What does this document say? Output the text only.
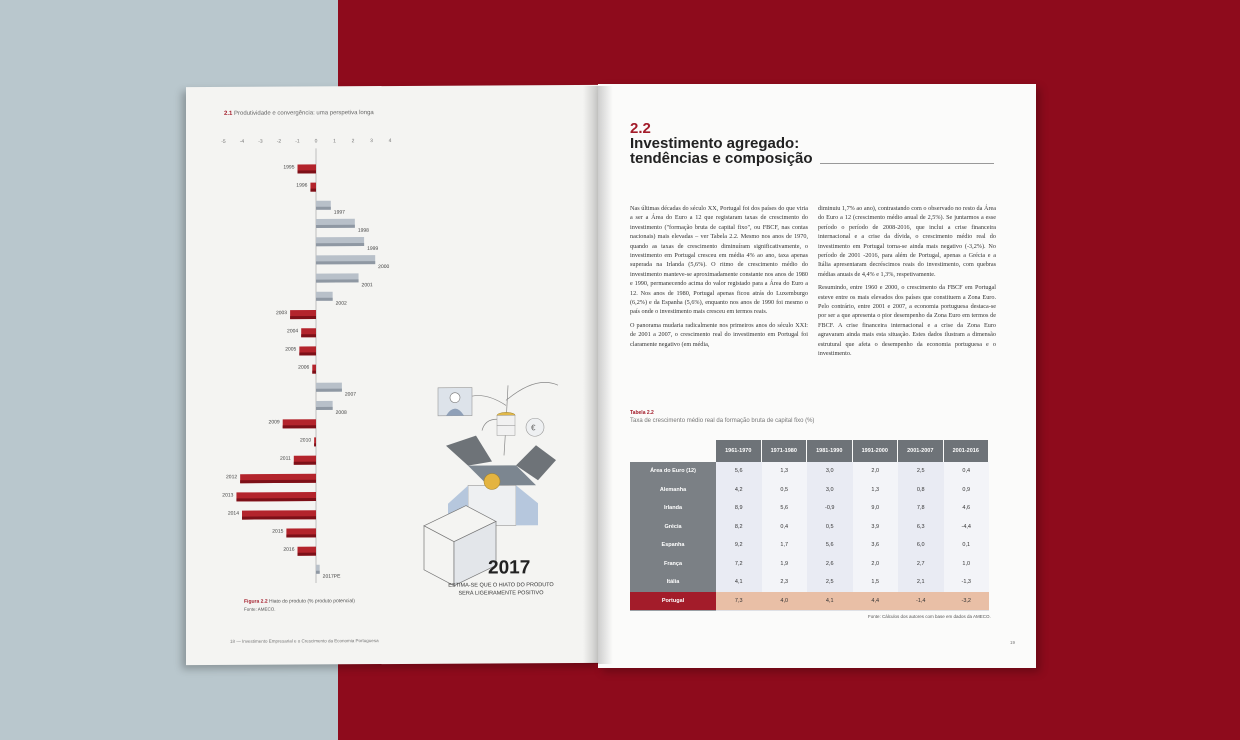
2.1 Produtividade e convergência: uma perspetiva longa
-5	-4	-3	-2	-1	0	1	2	3	4
1995
1996
1997
1998
1999
2000
2001
2002
2003
2004
2005
2006
2007
2008
2009
2010
2011
2012
2013
2014
2015
2016
2017PE
€
2017
ESTIMA-SE QUE O HIATO DO PRODUTO
SERÁ LIGEIRAMENTE POSITIVO
Figura 2.2 Hiato do produto (% produto potencial)
Fonte: AMECO.
18 — Investimento Empresarial e o Crescimento da Economia Portuguesa
2.2
Investimento agregado:
tendências e composição

Nas últimas décadas do século XX, Portugal foi dos países do que viria a ser a Área do Euro a 12 que registaram taxas de crescimento do investimento ("formação bruta de capital fixo", ou FBCF, nas contas nacionais) mais elevadas – ver Tabela 2.2. Mesmo nos anos de 1970, quando as taxas de crescimento diminuíram significativamente, o investimento em Portugal cresceu em média 4% ao ano, taxa apenas superada na Irlanda (5,6%). O ritmo de crescimento médio do investimento manteve-se aproximadamente constante nos anos de 1980 e 1990, permanecendo acima do valor registado para a Área do Euro a 12. Nos anos de 1980, Portugal apenas ficou atrás do Luxemburgo (6,2%) e da Espanha (5,6%), enquanto nos anos de 1990 foi mesmo o país onde o investimento mais cresceu em termos reais.

O panorama mudaria radicalmente nos primeiros anos do século XXI: de 2001 a 2007, o crescimento real do investimento em Portugal foi claramente negativo (em média,

diminuiu 1,7% ao ano), contrastando com o observado no resto da Área do Euro a 12 (crescimento médio anual de 2,5%). Se juntarmos a esse período o período de 2008-2016, que inclui a crise financeira internacional e a crise da dívida, o crescimento médio real do investimento em Portugal torna-se ainda mais negativo (-3,2%). No período de 2001 -2016, para além de Portugal, apenas a Grécia e a Itália apresentaram decréscimos reais do investimento, com quebras médias anuais de 4,4% e 1,3%, respetivamente.

Resumindo, entre 1960 e 2000, o crescimento da FBCF em Portugal esteve entre os mais elevados dos países que constituem a Zona Euro. Pelo contrário, entre 2001 e 2007, a economia portuguesa destaca-se por ser a que apresenta o pior desempenho da Zona Euro em termos de FBCF. A crise financeira internacional e a crise da Zona Euro agravaram ainda mais esta situação. Estes dados ilustram a dimensão estrutural que afeta o desempenho da economia portuguesa e o investimento.

Tabela 2.2
Taxa de crescimento médio real da formação bruta de capital fixo (%)
1961-1970	1971-1980	1981-1990	1991-2000	2001-2007	2001-2016
Área do Euro (12)	5,6	1,3	3,0	2,0	2,5	0,4
Alemanha	4,2	0,5	3,0	1,3	0,8	0,9
Irlanda	8,9	5,6	-0,9	9,0	7,8	4,6
Grécia	8,2	0,4	0,5	3,9	6,3	-4,4
Espanha	9,2	1,7	5,6	3,6	6,0	0,1
França	7,2	1,9	2,6	2,0	2,7	1,0
Itália	4,1	2,3	2,5	1,5	2,1	-1,3
Portugal	7,3	4,0	4,1	4,4	-1,4	-3,2
Fonte: Cálculos dos autores com base em dados da AMECO.
19
